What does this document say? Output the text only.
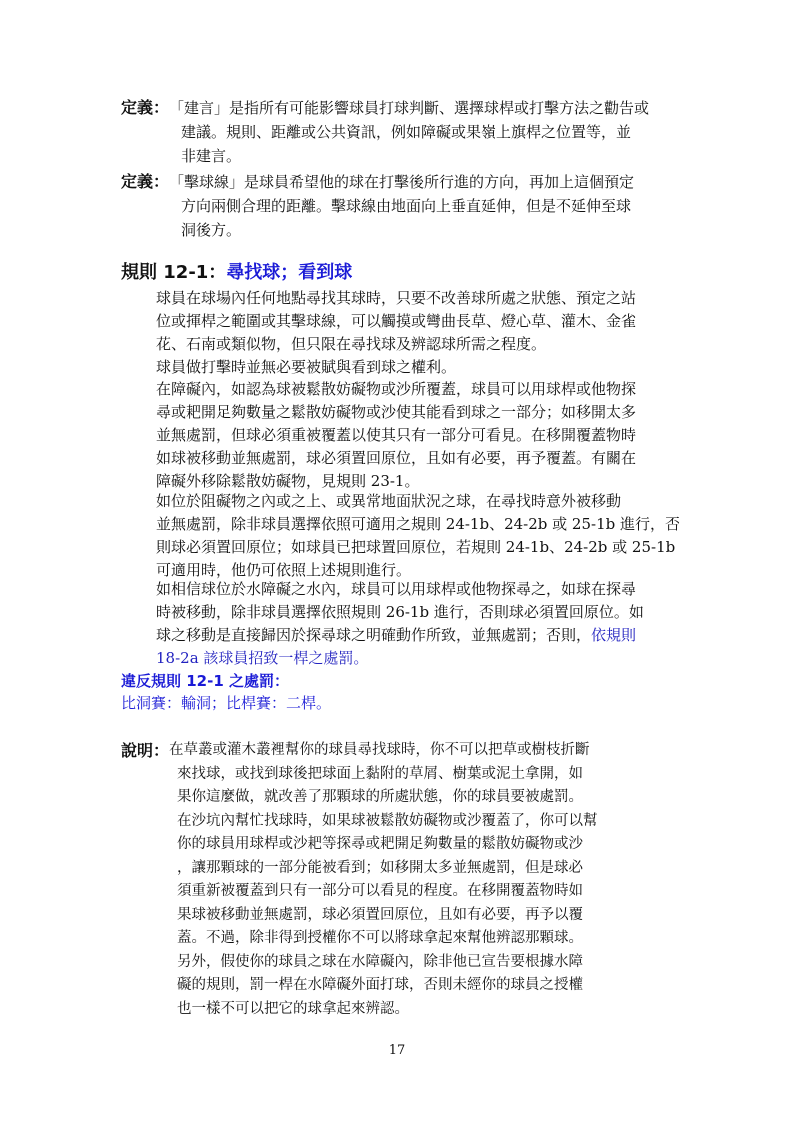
定義： 「建言」是指所有可能影響球員打球判斷、選擇球桿或打擊方法之勸告或
建議。規則、距離或公共資訊，例如障礙或果嶺上旗桿之位置等，並
非建言。
定義： 「擊球線」是球員希望他的球在打擊後所行進的方向，再加上這個預定
方向兩側合理的距離。擊球線由地面向上垂直延伸，但是不延伸至球
洞後方。
規則 12-1：尋找球；看到球
球員在球場內任何地點尋找其球時，只要不改善球所處之狀態、預定之站
位或揮桿之範圍或其擊球線，可以觸摸或彎曲長草、燈心草、灌木、金雀
花、石南或類似物，但只限在尋找球及辨認球所需之程度。
球員做打擊時並無必要被賦與看到球之權利。
在障礙內，如認為球被鬆散妨礙物或沙所覆蓋，球員可以用球桿或他物探
尋或耙開足夠數量之鬆散妨礙物或沙使其能看到球之一部分；如移開太多
並無處罰，但球必須重被覆蓋以使其只有一部分可看見。在移開覆蓋物時
如球被移動並無處罰，球必須置回原位，且如有必要，再予覆蓋。有關在
障礙外移除鬆散妨礙物，見規則 23-1。
如位於阻礙物之內或之上、或異常地面狀況之球，在尋找時意外被移動
並無處罰，除非球員選擇依照可適用之規則 24-1b、24-2b 或 25-1b 進行，否
則球必須置回原位；如球員已把球置回原位，若規則 24-1b、24-2b 或 25-1b
可適用時，他仍可依照上述規則進行。
如相信球位於水障礙之水內，球員可以用球桿或他物探尋之，如球在探尋
時被移動，除非球員選擇依照規則 26-1b 進行，否則球必須置回原位。如
球之移動是直接歸因於探尋球之明確動作所致，並無處罰；否則，依規則
18-2a 該球員招致一桿之處罰。
違反規則 12-1 之處罰：
比洞賽：輸洞；比桿賽：二桿。
說明： 在草叢或灌木叢裡幫你的球員尋找球時，你不可以把草或樹枝折斷
來找球，或找到球後把球面上黏附的草屑、樹葉或泥土拿開，如
果你這麼做，就改善了那顆球的所處狀態，你的球員要被處罰。
在沙坑內幫忙找球時，如果球被鬆散妨礙物或沙覆蓋了，你可以幫
你的球員用球桿或沙耙等探尋或耙開足夠數量的鬆散妨礙物或沙
，讓那顆球的一部分能被看到；如移開太多並無處罰，但是球必
須重新被覆蓋到只有一部分可以看見的程度。在移開覆蓋物時如
果球被移動並無處罰，球必須置回原位，且如有必要，再予以覆
蓋。不過，除非得到授權你不可以將球拿起來幫他辨認那顆球。
另外，假使你的球員之球在水障礙內，除非他已宣告要根據水障
礙的規則，罰一桿在水障礙外面打球，否則未經你的球員之授權
也一樣不可以把它的球拿起來辨認。
17
